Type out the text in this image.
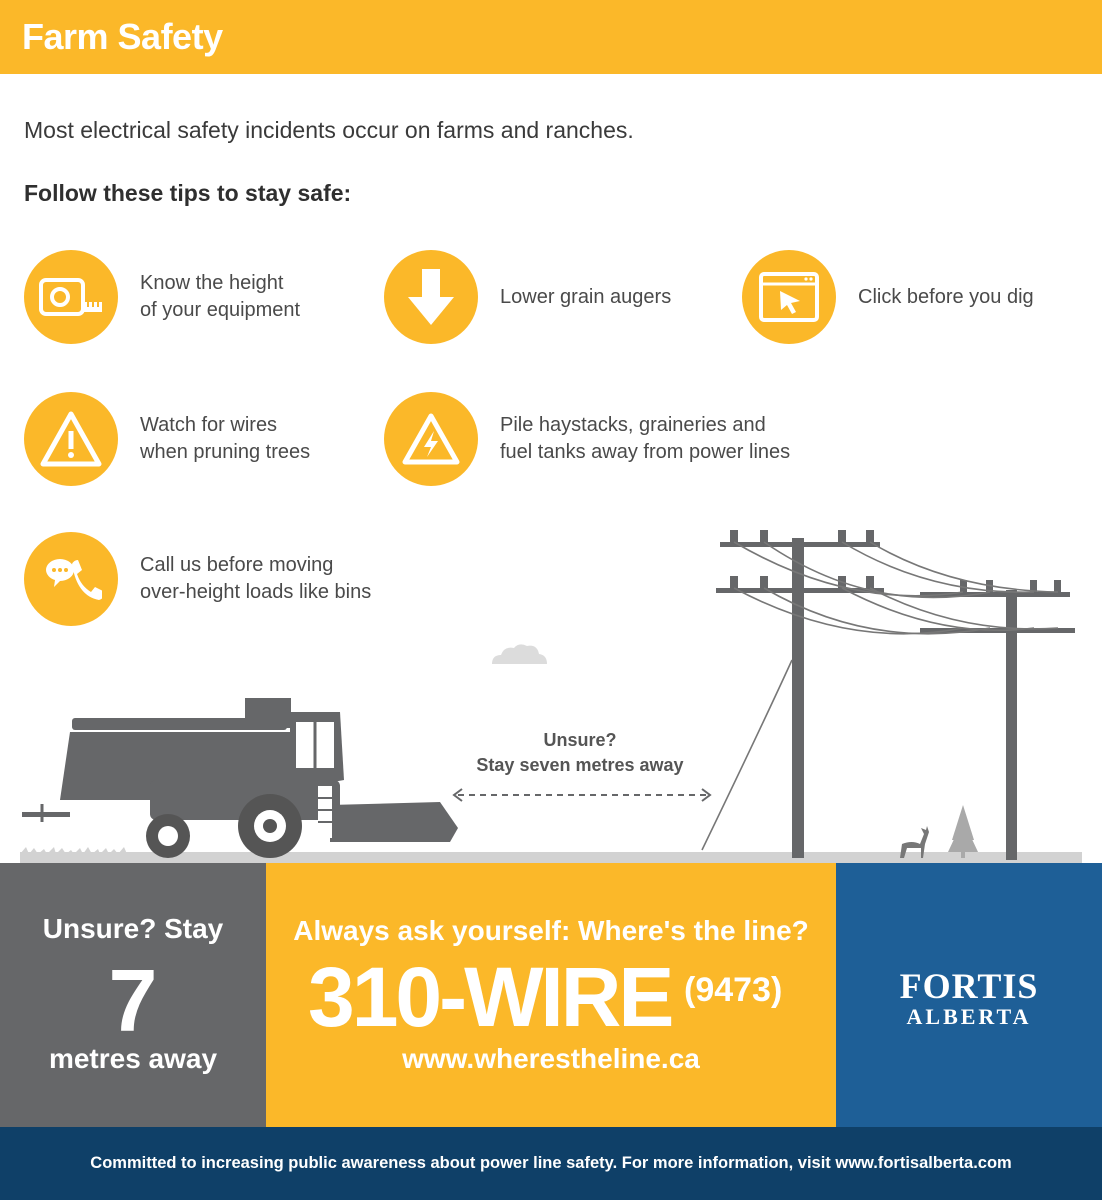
Farm Safety
Most electrical safety incidents occur on farms and ranches.
Follow these tips to stay safe:
Know the height
of your equipment
Lower grain augers	Click before you dig
Watch for wires
when pruning trees
Pile haystacks, graineries and
fuel tanks away from power lines
Call us before moving
over-height loads like bins
Unsure?
Stay seven metres away
Unsure? Stay
7
metres away
Always ask yourself: Where's the line?
310-WIRE (9473)
www.wherestheline.ca
FORTIS
ALBERTA
Committed to increasing public awareness about power line safety. For more information, visit www.fortisalberta.com
